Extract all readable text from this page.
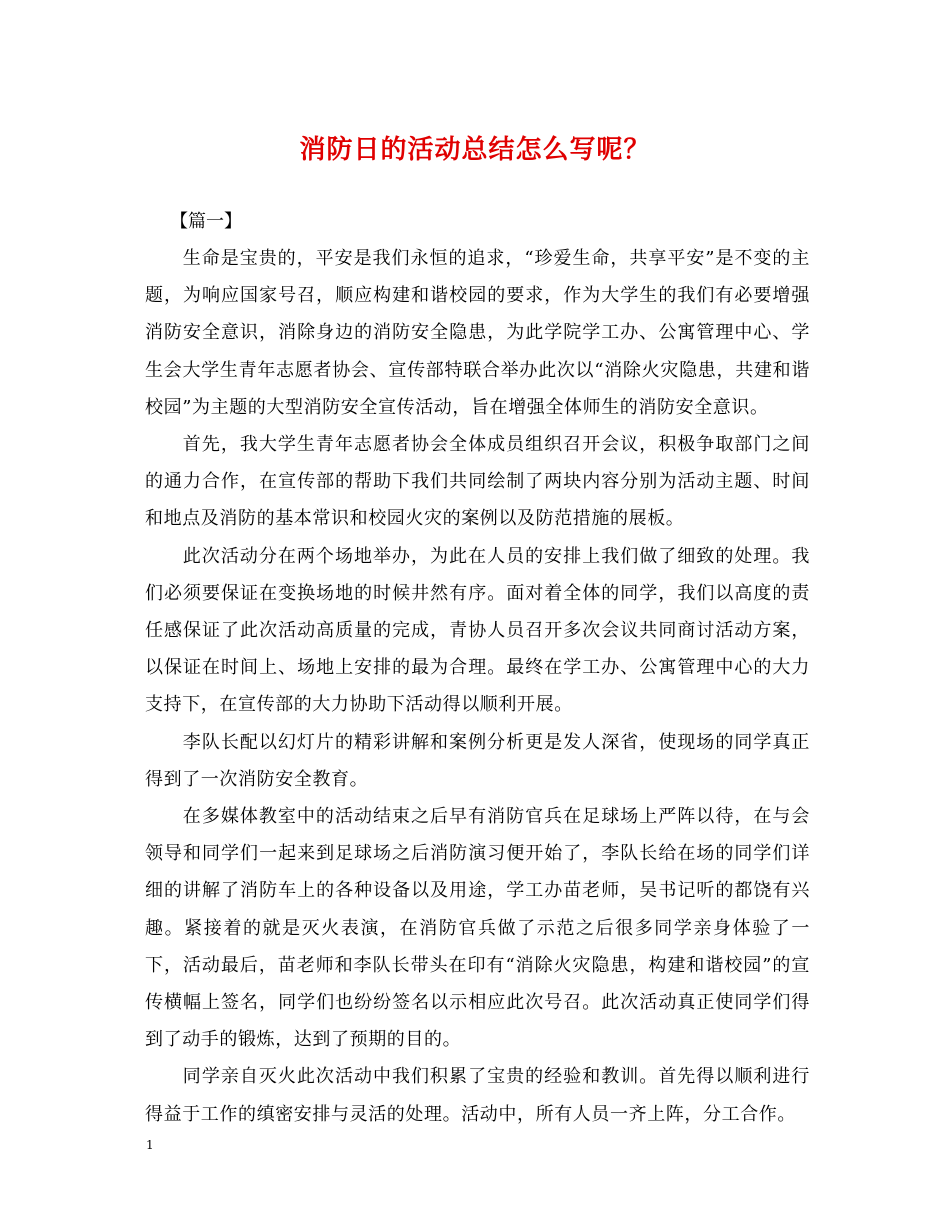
消防日的活动总结怎么写呢？

【篇一】

生命是宝贵的，平安是我们永恒的追求，“珍爱生命，共享平安”是不变的主题，为响应国家号召，顺应构建和谐校园的要求，作为大学生的我们有必要增强消防安全意识，消除身边的消防安全隐患，为此学院学工办、公寓管理中心、学生会大学生青年志愿者协会、宣传部特联合举办此次以“消除火灾隐患，共建和谐校园”为主题的大型消防安全宣传活动，旨在增强全体师生的消防安全意识。

首先，我大学生青年志愿者协会全体成员组织召开会议，积极争取部门之间的通力合作，在宣传部的帮助下我们共同绘制了两块内容分别为活动主题、时间和地点及消防的基本常识和校园火灾的案例以及防范措施的展板。

此次活动分在两个场地举办，为此在人员的安排上我们做了细致的处理。我们必须要保证在变换场地的时候井然有序。面对着全体的同学，我们以高度的责任感保证了此次活动高质量的完成，青协人员召开多次会议共同商讨活动方案，以保证在时间上、场地上安排的最为合理。最终在学工办、公寓管理中心的大力支持下，在宣传部的大力协助下活动得以顺利开展。

李队长配以幻灯片的精彩讲解和案例分析更是发人深省，使现场的同学真正得到了一次消防安全教育。

在多媒体教室中的活动结束之后早有消防官兵在足球场上严阵以待，在与会领导和同学们一起来到足球场之后消防演习便开始了，李队长给在场的同学们详细的讲解了消防车上的各种设备以及用途，学工办苗老师，吴书记听的都饶有兴趣。紧接着的就是灭火表演，在消防官兵做了示范之后很多同学亲身体验了一下，活动最后，苗老师和李队长带头在印有“消除火灾隐患，构建和谐校园”的宣传横幅上签名，同学们也纷纷签名以示相应此次号召。此次活动真正使同学们得到了动手的锻炼，达到了预期的目的。

同学亲自灭火此次活动中我们积累了宝贵的经验和教训。首先得以顺利进行得益于工作的缜密安排与灵活的处理。活动中，所有人员一齐上阵，分工合作。

1
